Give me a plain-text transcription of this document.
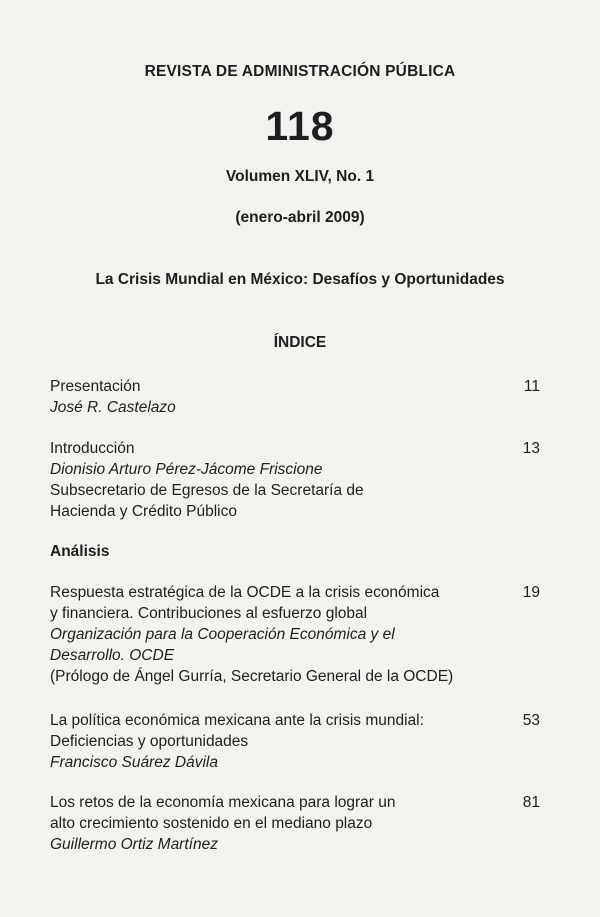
REVISTA DE ADMINISTRACIÓN PÚBLICA
118
Volumen XLIV, No. 1
(enero-abril 2009)
La Crisis Mundial en México: Desafíos y Oportunidades
ÍNDICE
Presentación
José R. Castelazo
11
Introducción
Dionisio Arturo Pérez-Jácome Friscione
Subsecretario de Egresos de la Secretaría de
Hacienda y Crédito Público
13
Análisis
Respuesta estratégica de la OCDE a la crisis económica
y financiera. Contribuciones al esfuerzo global
Organización para la Cooperación Económica y el
Desarrollo. OCDE
(Prólogo de Ángel Gurría, Secretario General de la OCDE)
19
La política económica mexicana ante la crisis mundial:
Deficiencias y oportunidades
Francisco Suárez Dávila
53
Los retos de la economía mexicana para lograr un
alto crecimiento sostenido en el mediano plazo
Guillermo Ortiz Martínez
81
